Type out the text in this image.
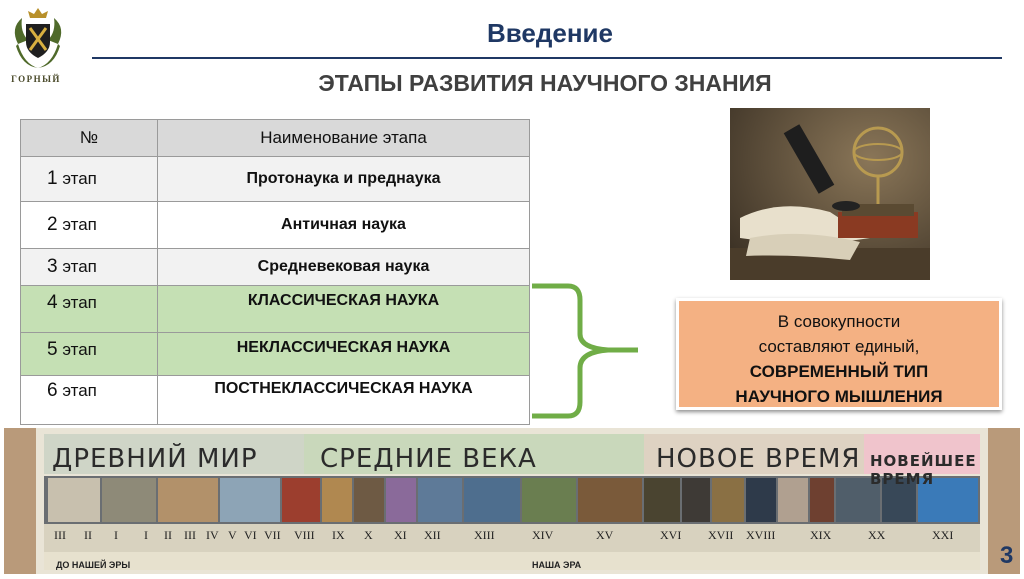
ГОРНЫЙ
Введение
ЭТАПЫ РАЗВИТИЯ НАУЧНОГО ЗНАНИЯ
№	Наименование этапа
1 этап	Протонаука и преднаука
2 этап	Античная наука
3 этап	Средневековая наука
4 этап	КЛАССИЧЕСКАЯ НАУКА
5 этап	НЕКЛАССИЧЕСКАЯ НАУКА
6 этап	ПОСТНЕКЛАССИЧЕСКАЯ НАУКА
В совокупности
составляют единый,
СОВРЕМЕННЫЙ ТИП
НАУЧНОГО МЫШЛЕНИЯ
ДРЕВНИЙ МИР СРЕДНИЕ ВЕКА	НОВОЕ ВРЕМЯ НОВЕЙШЕЕ ВРЕМЯ
III II I I II III IV V VI VII VIII IX X XI XII	XIII	XIV	XV	XVI XVII XVIII	XIX	XX	XXI
ДО НАШЕЙ ЭРЫ	НАША ЭРА	3
